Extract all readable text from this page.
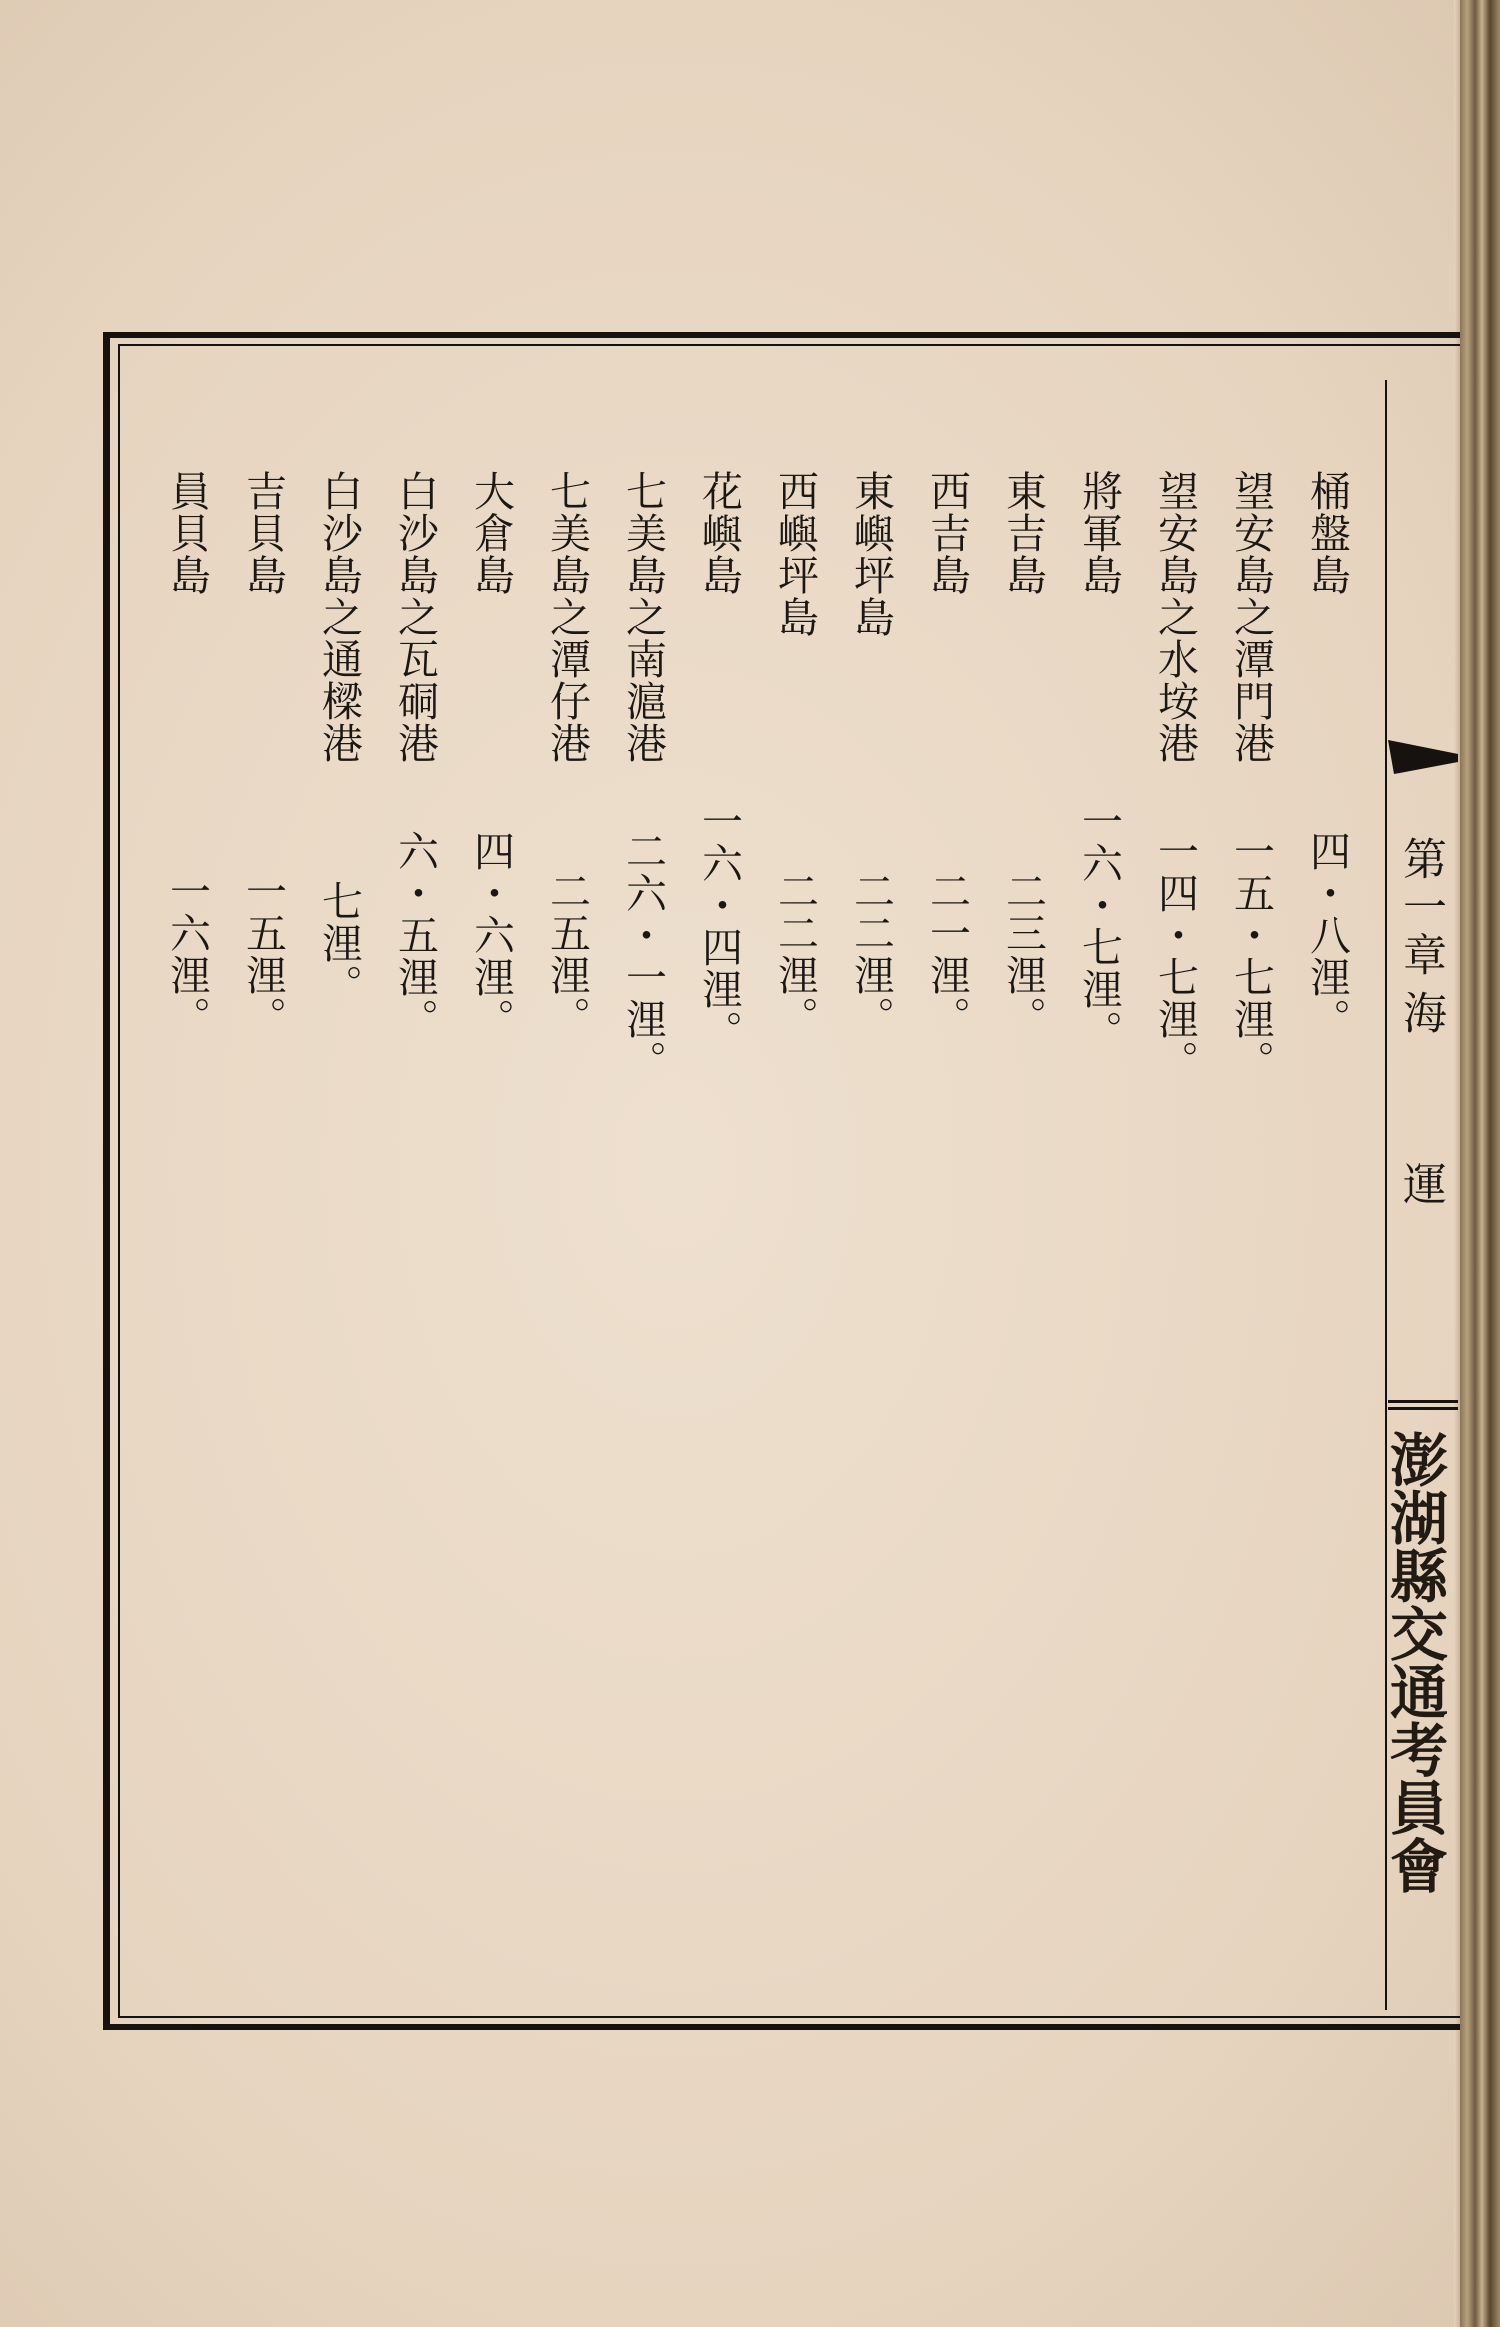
桶盤島
四・八浬。
望安島之潭門港
一五・七浬。
望安島之水垵港
一四・七浬。
將軍島
一六・七浬。
東吉島
二三浬。
西吉島
二一浬。
東嶼坪島
二二浬。
西嶼坪島
二二浬。
花嶼島
一六・四浬。
七美島之南滬港
二六・一浬。
七美島之潭仔港
二五浬。
大倉島
四・六浬。
白沙島之瓦硐港
六・五浬。
白沙島之通樑港
七浬。
吉貝島
一五浬。
員貝島
一六浬。	第一章
海 運
澎湖縣交通考員會
